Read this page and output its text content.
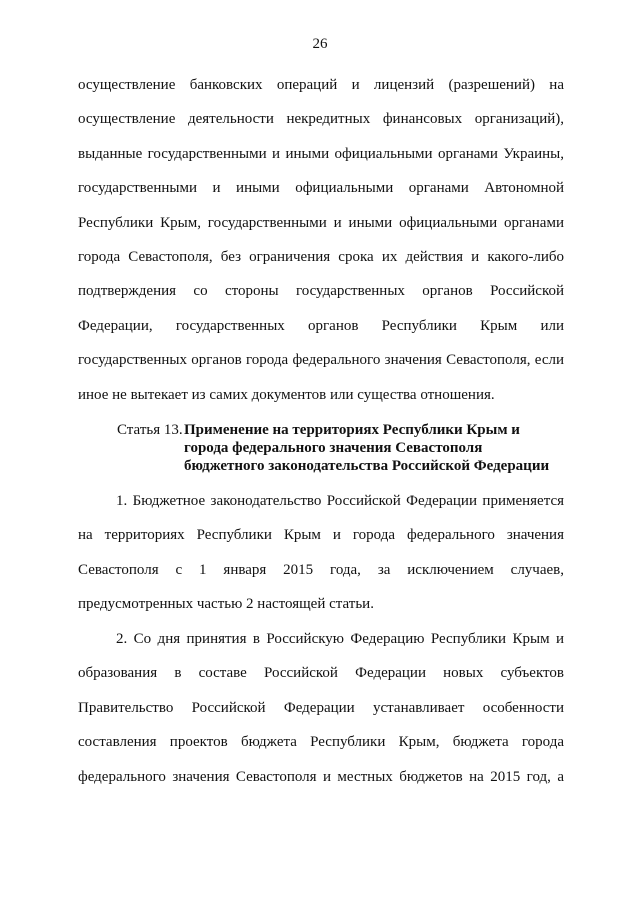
26
осуществление банковских операций и лицензий (разрешений) на
осуществление деятельности некредитных финансовых организаций),
выданные государственными и иными официальными органами Украины,
государственными и иными официальными органами Автономной
Республики Крым, государственными и иными официальными органами
города Севастополя, без ограничения срока их действия и какого-либо
подтверждения со стороны государственных органов Российской
Федерации, государственных органов Республики Крым или
государственных органов города федерального значения Севастополя, если
иное не вытекает из самих документов или существа отношения.
Статья 13. Применение на территориях Республики Крым и
города федерального значения Севастополя
бюджетного законодательства Российской Федерации
1. Бюджетное законодательство Российской Федерации применяется
на территориях Республики Крым и города федерального значения
Севастополя с 1 января 2015 года, за исключением случаев,
предусмотренных частью 2 настоящей статьи.
2. Со дня принятия в Российскую Федерацию Республики Крым и
образования в составе Российской Федерации новых субъектов
Правительство Российской Федерации устанавливает особенности
составления проектов бюджета Республики Крым, бюджета города
федерального значения Севастополя и местных бюджетов на 2015 год, а
